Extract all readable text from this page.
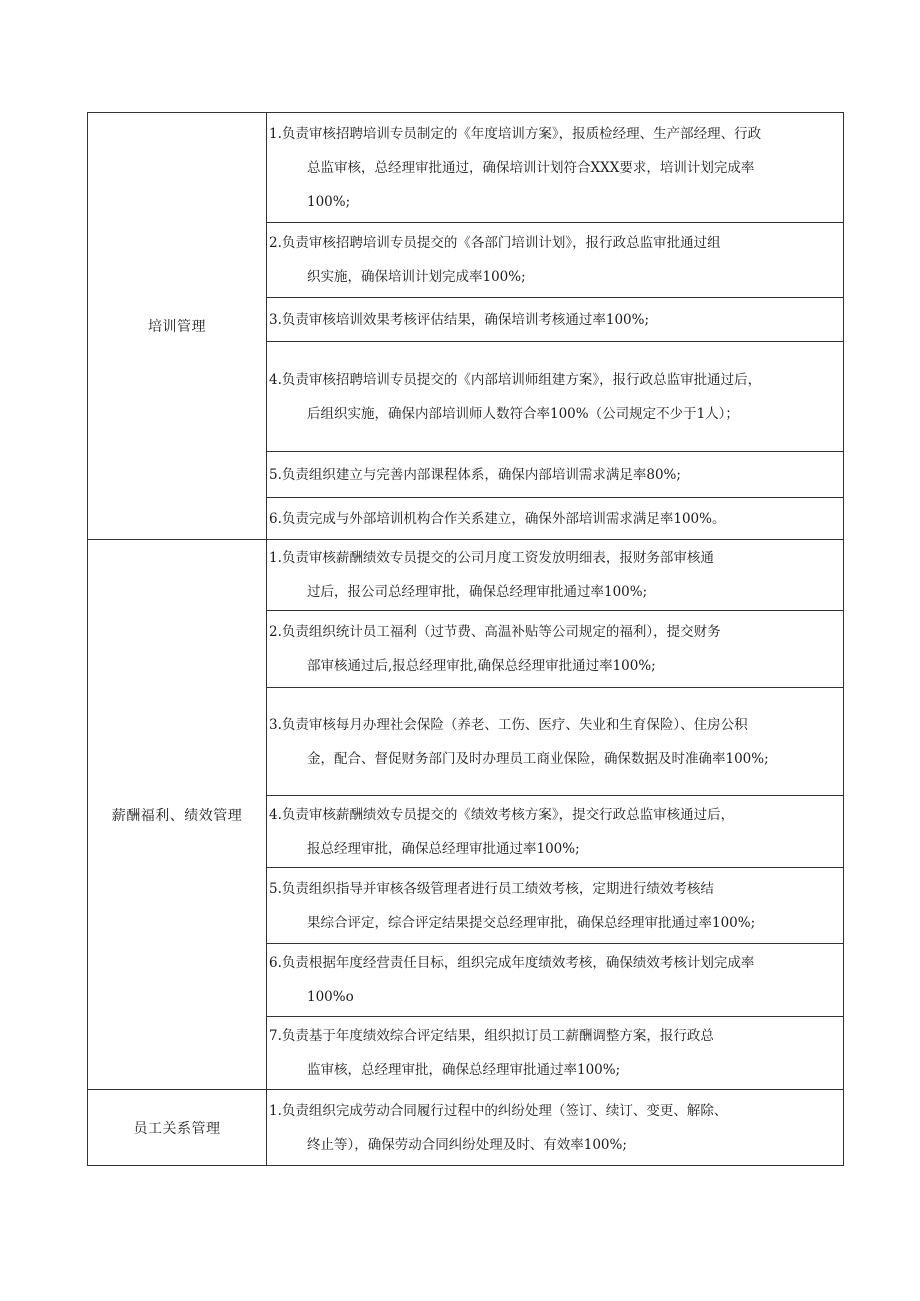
培训管理	1.负责审核招聘培训专员制定的《年度培训方案》，报质检经理、生产部经理、行政
总监审核，总经理审批通过，确保培训计划符合XXX要求，培训计划完成率
100%;

	2.负责审核招聘培训专员提交的《各部门培训计划》，报行政总监审批通过组
织实施，确保培训计划完成率100%;

	3.负责审核培训效果考核评估结果，确保培训考核通过率100%;
	4.负责审核招聘培训专员提交的《内部培训师组建方案》，报行政总监审批通过后，
后组织实施，确保内部培训师人数符合率100%（公司规定不少于1人）；

	5.负责组织建立与完善内部课程体系，确保内部培训需求满足率80%;
	6.负责完成与外部培训机构合作关系建立，确保外部培训需求满足率100%。
薪酬福利、绩效管理	1.负责审核薪酬绩效专员提交的公司月度工资发放明细表，报财务部审核通
过后，报公司总经理审批，确保总经理审批通过率100%;

	2.负责组织统计员工福利（过节费、高温补贴等公司规定的福利），提交财务
部审核通过后,报总经理审批,确保总经理审批通过率100%;

	3.负责审核每月办理社会保险（养老、工伤、医疗、失业和生育保险）、住房公积
金，配合、督促财务部门及时办理员工商业保险，确保数据及时准确率100%;

	4.负责审核薪酬绩效专员提交的《绩效考核方案》，提交行政总监审核通过后，
报总经理审批，确保总经理审批通过率100%;

	5.负责组织指导并审核各级管理者进行员工绩效考核，定期进行绩效考核结
果综合评定，综合评定结果提交总经理审批，确保总经理审批通过率100%;

	6.负责根据年度经营责任目标，组织完成年度绩效考核，确保绩效考核计划完成率
100%o

	7.负责基于年度绩效综合评定结果，组织拟订员工薪酬调整方案，报行政总
监审核，总经理审批，确保总经理审批通过率100%;

员工关系管理	1.负责组织完成劳动合同履行过程中的纠纷处理（签订、续订、变更、解除、
终止等），确保劳动合同纠纷处理及时、有效率100%;
